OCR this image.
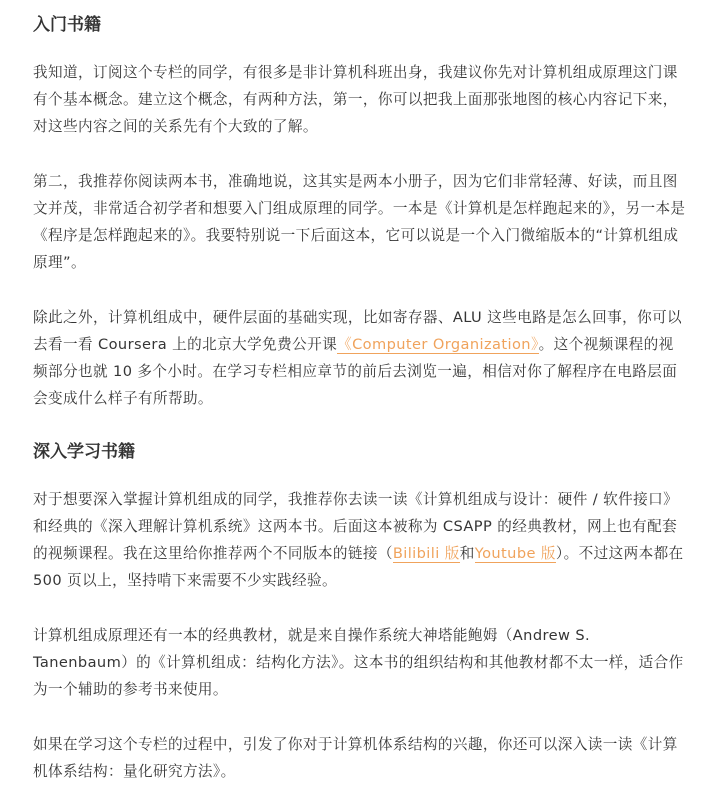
入门书籍

我知道，订阅这个专栏的同学，有很多是非计算机科班出身，我建议你先对计算机组成原理这门课有个基本概念。建立这个概念，有两种方法，第一，你可以把我上面那张地图的核心内容记下来，对这些内容之间的关系先有个大致的了解。

第二，我推荐你阅读两本书，准确地说，这其实是两本小册子，因为它们非常轻薄、好读，而且图文并茂，非常适合初学者和想要入门组成原理的同学。一本是《计算机是怎样跑起来的》，另一本是《程序是怎样跑起来的》。我要特别说一下后面这本，它可以说是一个入门微缩版本的“计算机组成原理”。

除此之外，计算机组成中，硬件层面的基础实现，比如寄存器、ALU 这些电路是怎么回事，你可以去看一看 Coursera 上的北京大学免费公开课《Computer Organization》。这个视频课程的视频部分也就 10 多个小时。在学习专栏相应章节的前后去浏览一遍，相信对你了解程序在电路层面会变成什么样子有所帮助。

深入学习书籍

对于想要深入掌握计算机组成的同学，我推荐你去读一读《计算机组成与设计：硬件 / 软件接口》和经典的《深入理解计算机系统》这两本书。后面这本被称为 CSAPP 的经典教材，网上也有配套的视频课程。我在这里给你推荐两个不同版本的链接（Bilibili 版和Youtube 版）。不过这两本都在 500 页以上，坚持啃下来需要不少实践经验。

计算机组成原理还有一本的经典教材，就是来自操作系统大神塔能鲍姆（Andrew S. Tanenbaum）的《计算机组成：结构化方法》。这本书的组织结构和其他教材都不太一样，适合作为一个辅助的参考书来使用。

如果在学习这个专栏的过程中，引发了你对于计算机体系结构的兴趣，你还可以深入读一读《计算机体系结构：量化研究方法》。
